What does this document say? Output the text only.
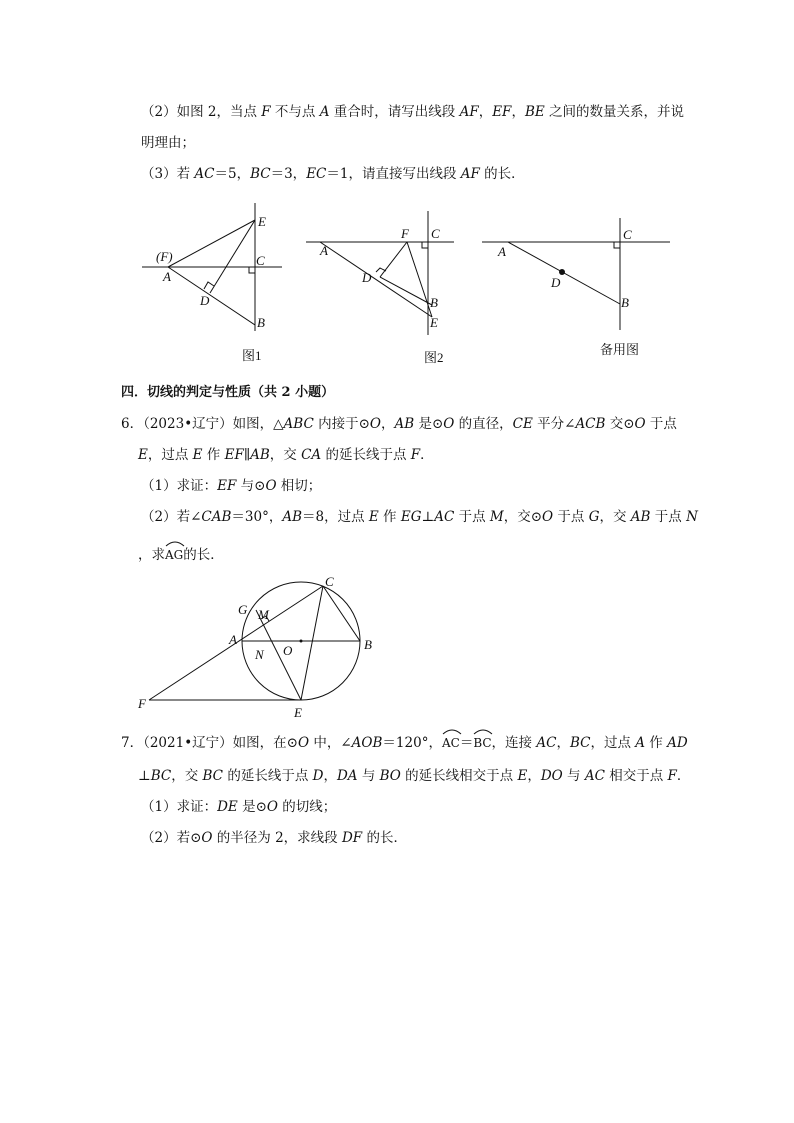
（2）如图 2，当点 F 不与点 A 重合时，请写出线段 AF，EF，BE 之间的数量关系，并说
明理由；
（3）若 AC＝5，BC＝3，EC＝1，请直接写出线段 AF 的长．
E
(F)
A
C
D
B
图1
F C
A
D
B
E
图2
C
A
D
B
备用图
四．切线的判定与性质（共 2 小题）
6．（2023•辽宁）如图，△ABC 内接于⊙O，AB 是⊙O 的直径，CE 平分∠ACB 交⊙O 于点
E，过点 E 作 EF∥AB，交 CA 的延长线于点 F．
（1）求证：EF 与⊙O 相切；
（2）若∠CAB＝30°，AB＝8，过点 E 作 EG⊥AC 于点 M，交⊙O 于点 G，交 AB 于点 N
，求
AG的长．
C
G M
A
N O	B
F
E
7．（2021•辽宁）如图，在⊙O 中，∠AOB＝120°，
AC＝
BC，连接 AC，BC，过点 A 作 AD
⊥BC，交 BC 的延长线于点 D，DA 与 BO 的延长线相交于点 E，DO 与 AC 相交于点 F．
（1）求证：DE 是⊙O 的切线；
（2）若⊙O 的半径为 2，求线段 DF 的长．
